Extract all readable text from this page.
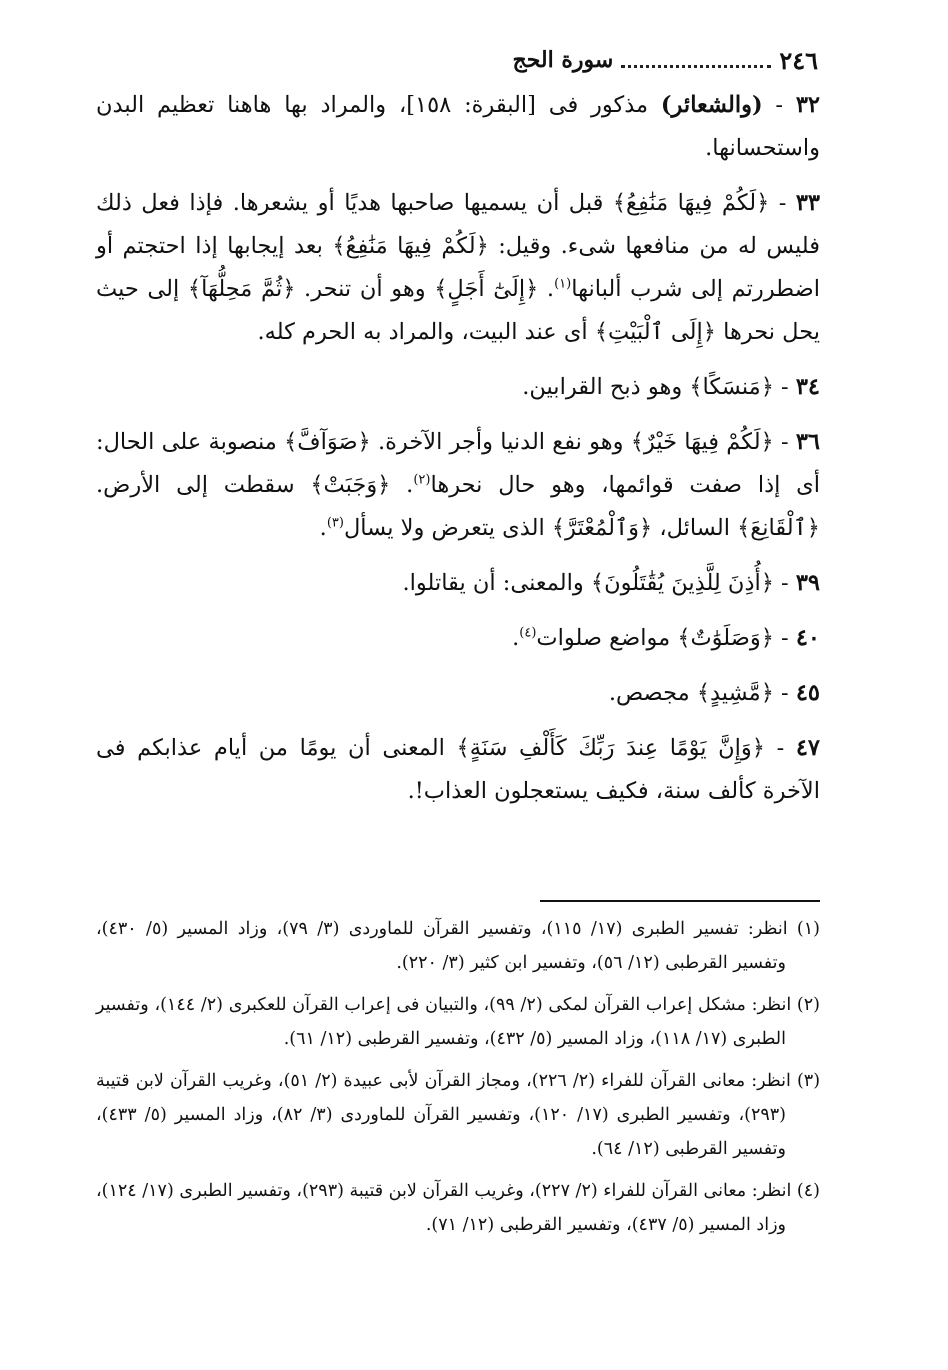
٢٤٦
سورة الحج

٣٢ - (والشعائر) مذكور فى [البقرة: ١٥٨]، والمراد بها هاهنا تعظيم البدن واستحسانها.

٣٣ - ﴿لَكُمْ فِيهَا مَنَٰفِعُ﴾ قبل أن يسميها صاحبها هديًا أو يشعرها. فإذا فعل ذلك فليس له من منافعها شىء. وقيل: ﴿لَكُمْ فِيهَا مَنَٰفِعُ﴾ بعد إيجابها إذا احتجتم أو اضطررتم إلى شرب ألبانها$^{(١)}$. ﴿إِلَىٰٓ أَجَلٍ﴾ وهو أن تنحر. ﴿ثُمَّ مَحِلُّهَآ﴾ إلى حيث يحل نحرها ﴿إِلَى ٱلْبَيْتِ﴾ أى عند البيت، والمراد به الحرم كله.

٣٤ - ﴿مَنسَكًا﴾ وهو ذبح القرابين.

٣٦ - ﴿لَكُمْ فِيهَا خَيْرٌ﴾ وهو نفع الدنيا وأجر الآخرة. ﴿صَوَآفَّ﴾ منصوبة على الحال: أى إذا صفت قوائمها، وهو حال نحرها$^{(٢)}$. ﴿وَجَبَتْ﴾ سقطت إلى الأرض. ﴿ٱلْقَانِعَ﴾ السائل، ﴿وَٱلْمُعْتَرَّ﴾ الذى يتعرض ولا يسأل$^{(٣)}$.

٣٩ - ﴿أُذِنَ لِلَّذِينَ يُقَٰتَلُونَ﴾ والمعنى: أن يقاتلوا.

٤٠ - ﴿وَصَلَوَٰتٌ﴾ مواضع صلوات$^{(٤)}$.

٤٥ - ﴿مَّشِيدٍ﴾ مجصص.

٤٧ - ﴿وَإِنَّ يَوْمًا عِندَ رَبِّكَ كَأَلْفِ سَنَةٍ﴾ المعنى أن يومًا من أيام عذابكم فى الآخرة كألف سنة، فكيف يستعجلون العذاب!.

(١) انظر: تفسير الطبرى (١٧/ ١١٥)، وتفسير القرآن للماوردى (٣/ ٧٩)، وزاد المسير (٥/ ٤٣٠)، وتفسير القرطبى (١٢/ ٥٦)، وتفسير ابن كثير (٣/ ٢٢٠).

(٢) انظر: مشكل إعراب القرآن لمكى (٢/ ٩٩)، والتبيان فى إعراب القرآن للعكبرى (٢/ ١٤٤)، وتفسير الطبرى (١٧/ ١١٨)، وزاد المسير (٥/ ٤٣٢)، وتفسير القرطبى (١٢/ ٦١).

(٣) انظر: معانى القرآن للفراء (٢/ ٢٢٦)، ومجاز القرآن لأبى عبيدة (٢/ ٥١)، وغريب القرآن لابن قتيبة (٢٩٣)، وتفسير الطبرى (١٧/ ١٢٠)، وتفسير القرآن للماوردى (٣/ ٨٢)، وزاد المسير (٥/ ٤٣٣)، وتفسير القرطبى (١٢/ ٦٤).

(٤) انظر: معانى القرآن للفراء (٢/ ٢٢٧)، وغريب القرآن لابن قتيبة (٢٩٣)، وتفسير الطبرى (١٧/ ١٢٤)، وزاد المسير (٥/ ٤٣٧)، وتفسير القرطبى (١٢/ ٧١).
